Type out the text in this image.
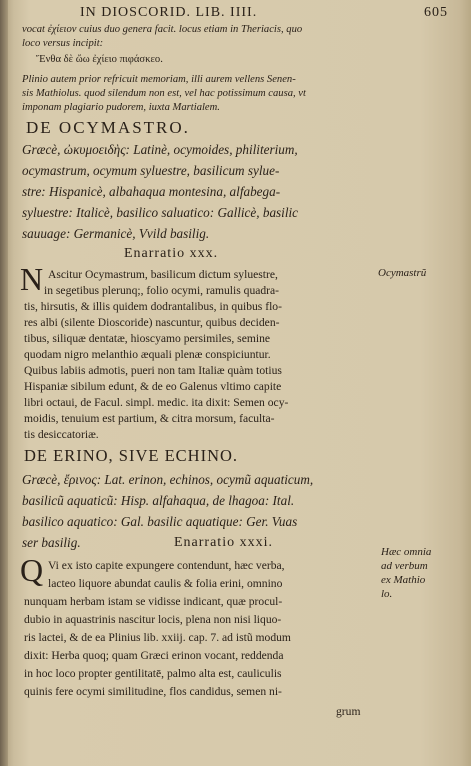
IN DIOSCORID. LIB. IIII.	605
vocat ἐχίειον cuius duo genera facit. locus etiam in Theriacis, quo
loco versus incipit:
Ἔνθα δὲ ὤω ἐχίειο πιφάσκεο.
Plinio autem prior refricuit memoriam, illi aurem vellens Senen-
sis Mathiolus. quod silendum non est, vel hac potissimum causa, vt
imponam plagiario pudorem, iuxta Martialem.
DE OCYMASTRO.
Græcè, ὠκυμοειδὴς: Latinè, ocymoides, philiterium,
ocymastrum, ocymum syluestre, basilicum sylue-
stre: Hispanicè, albahaqua montesina, alfabega-
syluestre: Italicè, basilico saluatico: Gallicè, basilic
sauuage: Germanicè, Vvild basilig.
Enarratio xxx.
N Ascitur Ocymastrum, basilicum dictum syluestre,
in segetibus plerunq;, folio ocymi, ramulis quadra-
tis, hirsutis, & illis quidem dodrantalibus, in quibus flo-
res albi (silente Dioscoride) nascuntur, quibus deciden-
tibus, siliquæ dentatæ, hioscyamo persimiles, semine
quodam nigro melanthio æquali plenæ conspiciuntur.
Quibus labiis admotis, pueri non tam Italiæ quàm totius
Hispaniæ sibilum edunt, & de eo Galenus vltimo capite
libri octaui, de Facul. simpl. medic. ita dixit: Semen ocy-
moidis, tenuium est partium, & citra morsum, faculta-
tis desiccatoriæ.
Ocymastrũ
DE ERINO, SIVE ECHINO.
Græcè, ἔρινος: Lat. erinon, echinos, ocymũ aquaticum,
basilicũ aquaticũ: Hisp. alfahaqua, de lhagoa: Ital.
basilico aquatico: Gal. basilic aquatique: Ger. Vuas
ser basilig.	Enarratio xxxi.
Q Vi ex isto capite expungere contendunt, hæc verba,
lacteo liquore abundat caulis & folia erini, omnino
nunquam herbam istam se vidisse indicant, quæ procul-
dubio in aquastrinis nascitur locis, plena non nisi liquo-
ris lactei, & de ea Plinius lib. xxiij. cap. 7. ad istũ modum
dixit: Herba quoq; quam Græci erinon vocant, reddenda
in hoc loco propter gentilitatē, palmo alta est, cauliculis
quinis fere ocymi similitudine, flos candidus, semen ni-
grum
Hæc omnia
ad verbum
ex Mathio
lo.
